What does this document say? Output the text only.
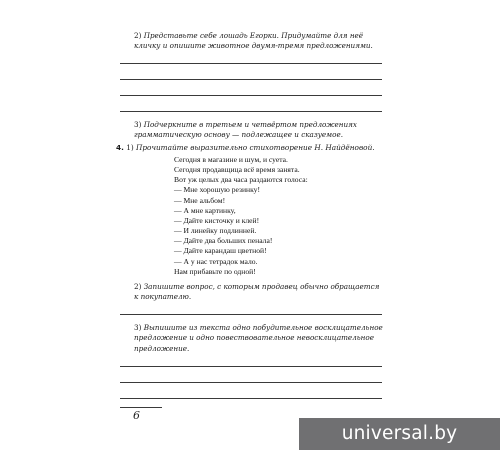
2) Представьте себе лошадь Егорки. Придумайте для неё кличку и опишите животное двумя-тремя предложениями.

3) Подчеркните в третьем и четвёртом предложениях грамматическую основу — подлежащее и сказуемое.

4. 1) Прочитайте выразительно стихотворение Н. Найдёновой.
Сегодня в магазине и шум, и суета.
Сегодня продавщица всё время занята.
Вот уж целых два часа раздаются голоса:
— Мне хорошую резинку!
— Мне альбом!
— А мне картинку,
— Дайте кисточку и клей!
— И линейку подлинней.
— Дайте два больших пенала!
— Дайте карандаш цветной!
— А у нас тетрадок мало.
Нам прибавьте по одной!

2) Запишите вопрос, с которым продавец обычно обращается к покупателю.

3) Выпишите из текста одно побудительное восклицательное предложение и одно повествовательное невосклицательное предложение.

6
universal.by
